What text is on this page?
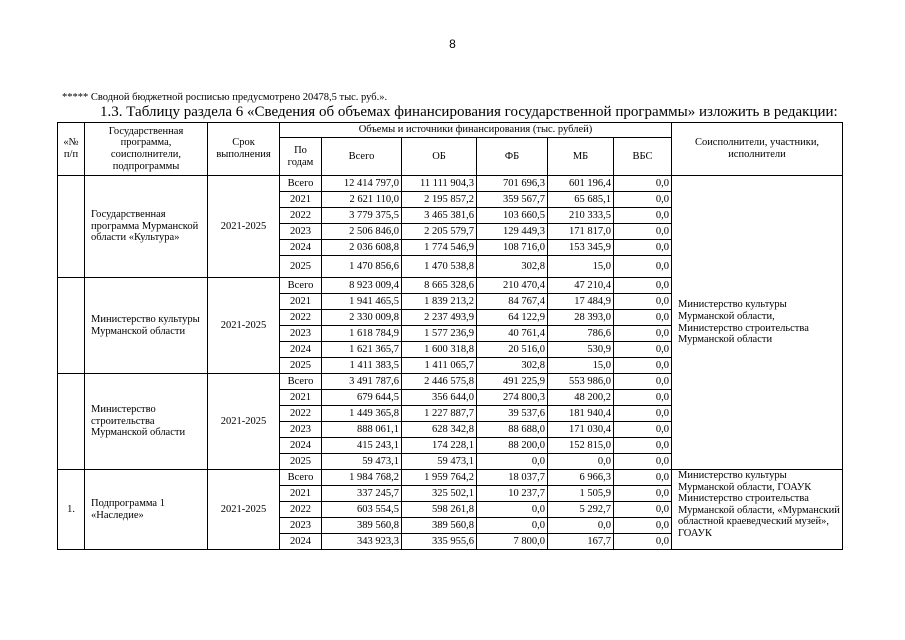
8
***** Сводной бюджетной росписью предусмотрено 20478,5 тыс. руб.».
1.3. Таблицу раздела 6 «Сведения об объемах финансирования государственной программы» изложить в редакции:
«№ п/п	Государственная программа, соисполнители, подпрограммы	Срок выполнения	Объемы и источники финансирования (тыс. рублей)						Соисполнители, участники, исполнители
			По годам	Всего	ОБ	ФБ	МБ	ВБС	
	Государственная программа Мурманской области «Культура»	2021-2025	Всего	12 414 797,0	11 111 904,3	701 696,3	601 196,4	0,0	Министерство культуры Мурманской области, Министерство строительства Мурманской области
			2021	2 621 110,0	2 195 857,2	359 567,7	65 685,1	0,0	
			2022	3 779 375,5	3 465 381,6	103 660,5	210 333,5	0,0	
			2023	2 506 846,0	2 205 579,7	129 449,3	171 817,0	0,0	
			2024	2 036 608,8	1 774 546,9	108 716,0	153 345,9	0,0	
			2025	1 470 856,6	1 470 538,8	302,8	15,0	0,0	
	Министерство культуры Мурманской области	2021-2025	Всего	8 923 009,4	8 665 328,6	210 470,4	47 210,4	0,0	
			2021	1 941 465,5	1 839 213,2	84 767,4	17 484,9	0,0	
			2022	2 330 009,8	2 237 493,9	64 122,9	28 393,0	0,0	
			2023	1 618 784,9	1 577 236,9	40 761,4	786,6	0,0	
			2024	1 621 365,7	1 600 318,8	20 516,0	530,9	0,0	
			2025	1 411 383,5	1 411 065,7	302,8	15,0	0,0	
	Министерство строительства Мурманской области	2021-2025	Всего	3 491 787,6	2 446 575,8	491 225,9	553 986,0	0,0	
			2021	679 644,5	356 644,0	274 800,3	48 200,2	0,0	
			2022	1 449 365,8	1 227 887,7	39 537,6	181 940,4	0,0	
			2023	888 061,1	628 342,8	88 688,0	171 030,4	0,0	
			2024	415 243,1	174 228,1	88 200,0	152 815,0	0,0	
			2025	59 473,1	59 473,1	0,0	0,0	0,0	
1.	Подпрограмма 1 «Наследие»	2021-2025	Всего	1 984 768,2	1 959 764,2	18 037,7	6 966,3	0,0	Министерство культуры Мурманской области, ГОАУК Министерство строительства Мурманской области, «Мурманский областной краеведческий музей», ГОАУК
			2021	337 245,7	325 502,1	10 237,7	1 505,9	0,0	
			2022	603 554,5	598 261,8	0,0	5 292,7	0,0	
			2023	389 560,8	389 560,8	0,0	0,0	0,0	
			2024	343 923,3	335 955,6	7 800,0	167,7	0,0	
